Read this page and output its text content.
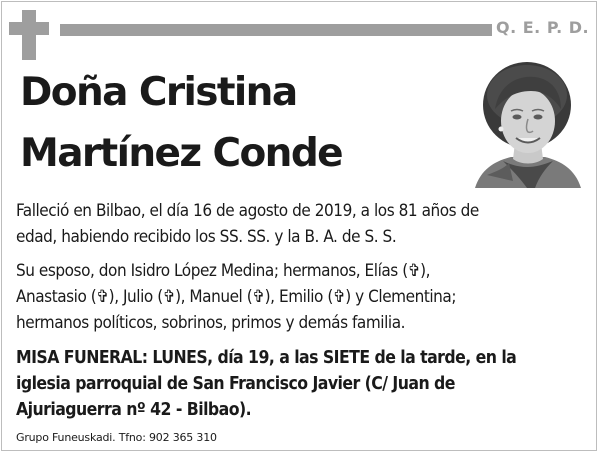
Q. E. P. D.
Doña Cristina
Martínez Conde
Falleció en Bilbao, el día 16 de agosto de 2019, a los 81 años de
edad, habiendo recibido los SS. SS. y la B. A. de S. S.
Su esposo, don Isidro López Medina; hermanos, Elías (✞),
Anastasio (✞), Julio (✞), Manuel (✞), Emilio (✞) y Clementina;
hermanos políticos, sobrinos, primos y demás familia.
MISA FUNERAL: LUNES, día 19, a las SIETE de la tarde, en la
iglesia parroquial de San Francisco Javier (C/ Juan de
Ajuriaguerra nº 42 - Bilbao).
Grupo Funeuskadi. Tfno: 902 365 310
